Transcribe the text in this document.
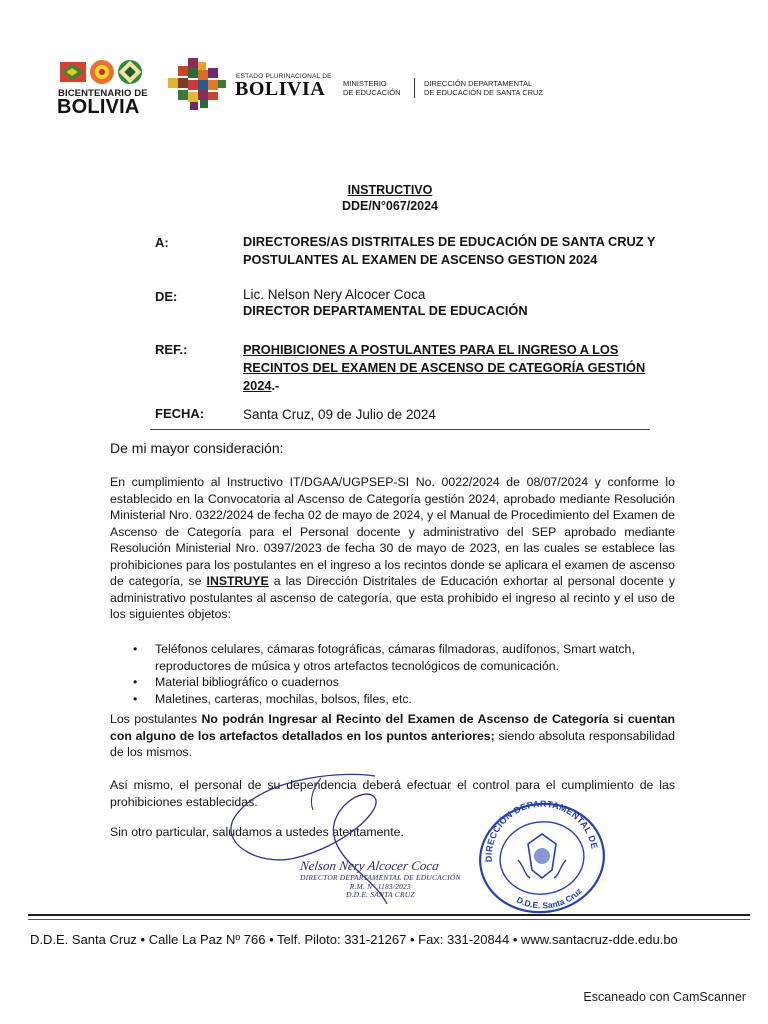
BICENTENARIO DE
BOLIVIA
ESTADO PLURINACIONAL DE
BOLIVIA MINISTERIO
DE EDUCACIÓN
DIRECCIÓN DEPARTAMENTAL
DE EDUCACIÓN DE SANTA CRUZ
INSTRUCTIVO
DDE/N°067/2024
A:	DIRECTORES/AS DISTRITALES DE EDUCACIÓN DE SANTA CRUZ Y
POSTULANTES AL EXAMEN DE ASCENSO GESTION 2024
DE:	Lic. Nelson Nery Alcocer Coca
DIRECTOR DEPARTAMENTAL DE EDUCACIÓN
REF.:	PROHIBICIONES A POSTULANTES PARA EL INGRESO A LOS
RECINTOS DEL EXAMEN DE ASCENSO DE CATEGORÍA GESTIÓN
2024.-
FECHA:	Santa Cruz, 09 de Julio de 2024
De mi mayor consideración:
En cumplimiento al Instructivo IT/DGAA/UGPSEP-SI No. 0022/2024 de 08/07/2024 y conforme lo establecido en la Convocatoria al Ascenso de Categoría gestión 2024, aprobado mediante Resolución Ministerial Nro. 0322/2024 de fecha 02 de mayo de 2024, y el Manual de Procedimiento del Examen de Ascenso de Categoría para el Personal docente y administrativo del SEP aprobado mediante Resolución Ministerial Nro. 0397/2023 de fecha 30 de mayo de 2023, en las cuales se establece las prohibiciones para los postulantes en el ingreso a los recintos donde se aplicara el examen de ascenso de categoría, se INSTRUYE a las Dirección Distritales de Educación exhortar al personal docente y administrativo postulantes al ascenso de categoría, que esta prohibido el ingreso al recinto y el uso de los siguientes objetos:
• Teléfonos celulares, cámaras fotográficas, cámaras filmadoras, audífonos, Smart watch, reproductores de música y otros artefactos tecnológicos de comunicación.
• Material bibliográfico o cuadernos
• Maletines, carteras, mochilas, bolsos, files, etc.
Los postulantes No podrán Ingresar al Recinto del Examen de Ascenso de Categoría si cuentan con alguno de los artefactos detallados en los puntos anteriores; siendo absoluta responsabilidad de los mismos.
Así mismo, el personal de su dependencia deberá efectuar el control para el cumplimiento de las prohibiciones establecidas.
Sin otro particular, saludamos a ustedes atentamente.
Nelson Nery Alcocer Coca
DIRECTOR DEPARTAMENTAL DE EDUCACIÓN
R.M. N° 1183/2023
D.D.E. SANTA CRUZ
DIRECCIÓN DEPARTAMENTAL DE
D.D.E. Santa Cruz
D.D.E. Santa Cruz • Calle La Paz Nº 766 • Telf. Piloto: 331-21267 • Fax: 331-20844 • www.santacruz-dde.edu.bo
Escaneado con CamScanner
